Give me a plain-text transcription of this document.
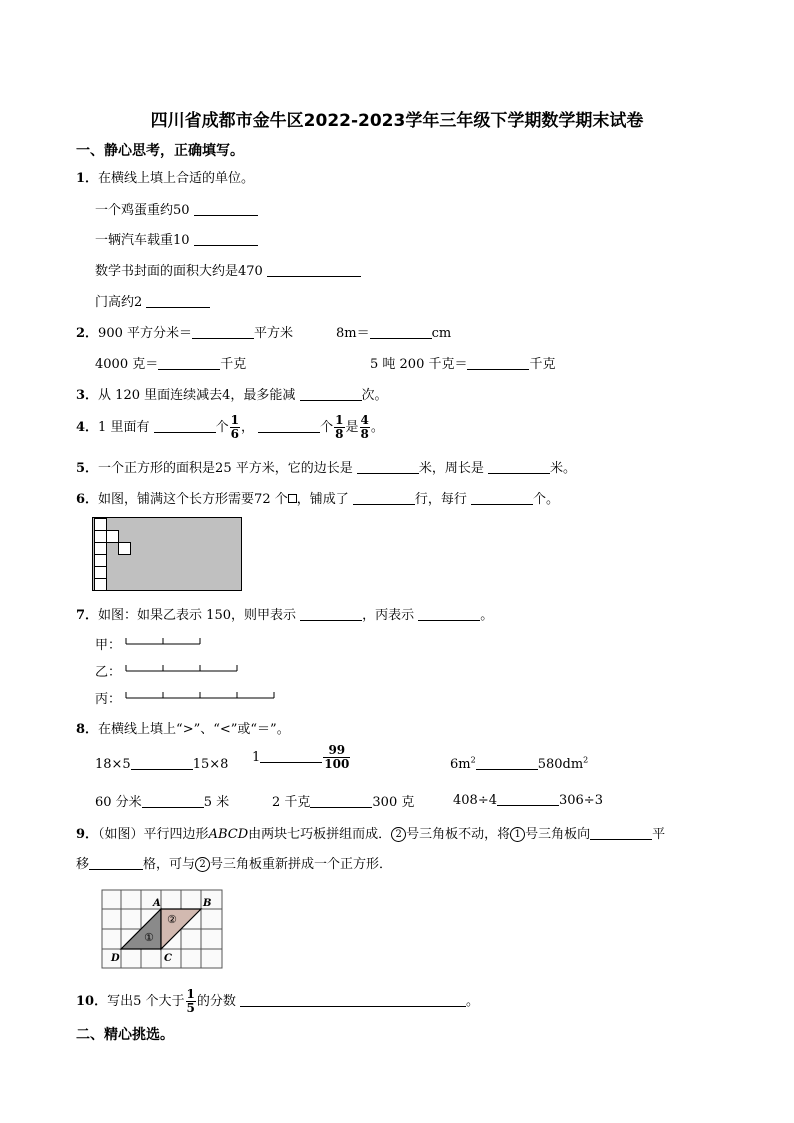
四川省成都市金牛区2022-2023学年三年级下学期数学期末试卷
一、静心思考，正确填写。
1．在横线上填上合适的单位。
一个鸡蛋重约50
一辆汽车载重10
数学书封面的面积大约是470
门高约2
2．900 平方分米＝	平方米	8m＝	cm
4000 克＝	千克	5 吨 200 千克＝	千克
3．从 120 里面连续减去4，最多能减	次。
4．1 里面有	个 $\frac{1}{6}$ ，	个 $\frac{1}{8}$ 是 $\frac{4}{8}$ 。
5．一个正方形的面积是25 平方米，它的边长是	米，周长是	米。
6．如图，铺满这个长方形需要72 个 ，铺成了	行，每行	个。
7．如图：如果乙表示 150，则甲表示	，丙表示	。
甲：
乙：
丙：
8．在横线上填上“>”、“<”或“＝”。
18×5	15×8 1	$\frac{99}{100}$	$6m^2$	$580dm^2$
60 分米	5 米	2 千克	300 克	408÷4	306÷3
9．（如图）平行四边形ABCD由两块七巧板拼组而成． 2 号三角板不动，将 1 号三角板向	平
移	格，可与 2 号三角板重新拼成一个正方形．
A	B
C
D
①
②
10．写出5 个大于 $\frac{1}{5}$ 的分数	。
二、精心挑选。
